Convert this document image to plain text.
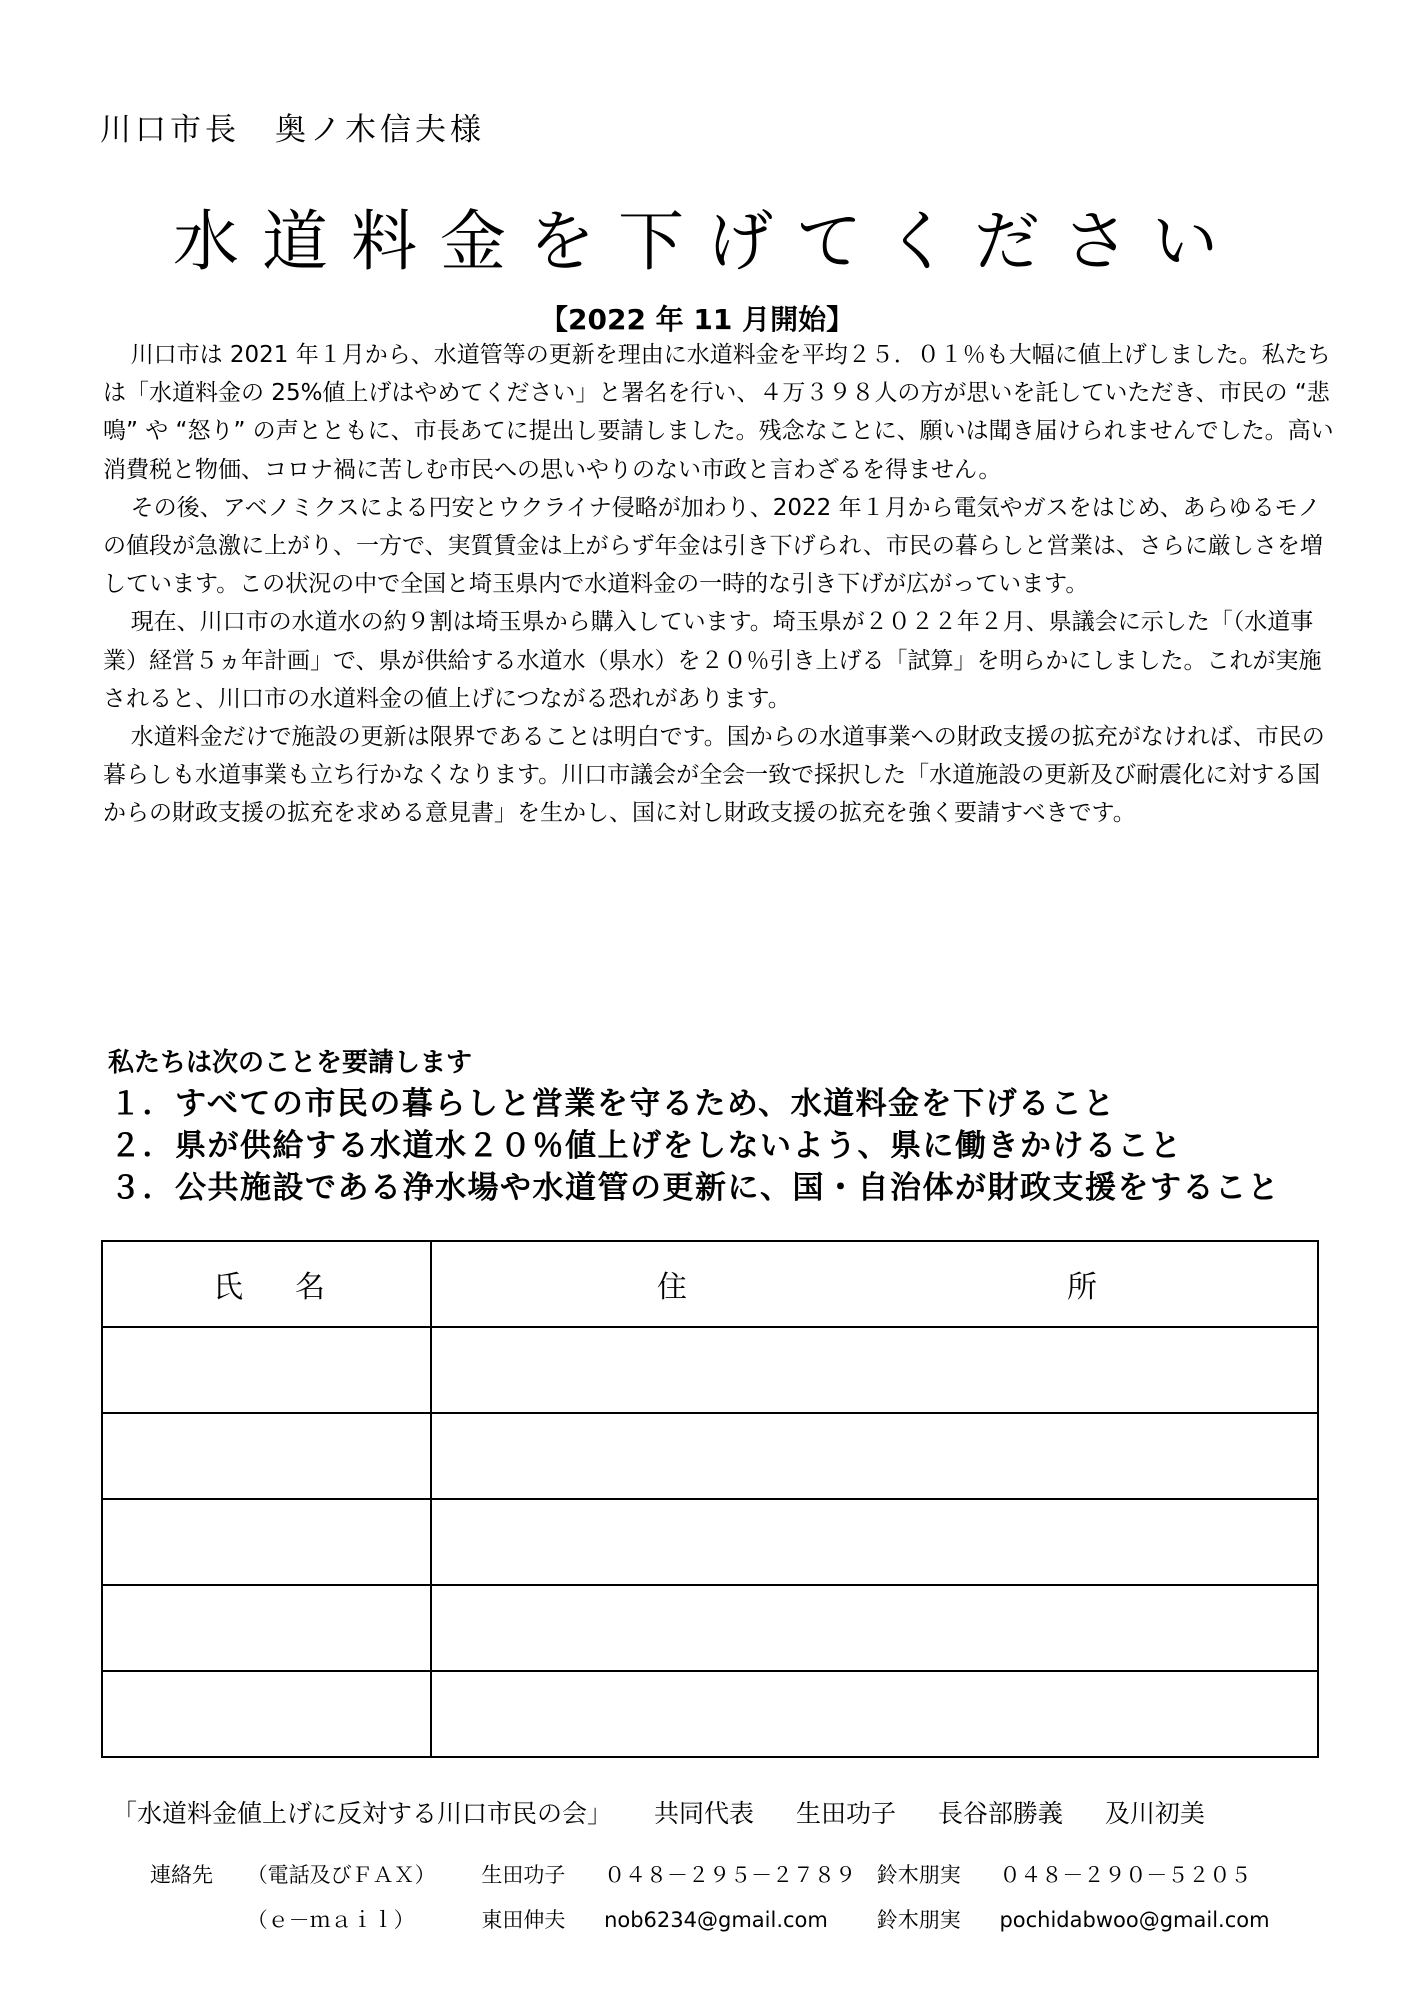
川口市長　奥ノ木信夫様
水道料金を下げてください
【2022 年 11 月開始】

川口市は 2021 年１月から、水道管等の更新を理由に水道料金を平均２５．０１％も大幅に値上げしました。私たちは「水道料金の 25%値上げはやめてください」と署名を行い、４万３９８人の方が思いを託していただき、市民の “悲鳴” や “怒り” の声とともに、市長あてに提出し要請しました。残念なことに、願いは聞き届けられませんでした。高い消費税と物価、コロナ禍に苦しむ市民への思いやりのない市政と言わざるを得ません。

その後、アベノミクスによる円安とウクライナ侵略が加わり、2022 年１月から電気やガスをはじめ、あらゆるモノの値段が急激に上がり、一方で、実質賃金は上がらず年金は引き下げられ、市民の暮らしと営業は、さらに厳しさを増しています。この状況の中で全国と埼玉県内で水道料金の一時的な引き下げが広がっています。

現在、川口市の水道水の約９割は埼玉県から購入しています。埼玉県が２０２２年２月、県議会に示した「（水道事業）経営５ヵ年計画」で、県が供給する水道水（県水）を２０％引き上げる「試算」を明らかにしました。これが実施されると、川口市の水道料金の値上げにつながる恐れがあります。

水道料金だけで施設の更新は限界であることは明白です。国からの水道事業への財政支援の拡充がなければ、市民の暮らしも水道事業も立ち行かなくなります。川口市議会が全会一致で採択した「水道施設の更新及び耐震化に対する国からの財政支援の拡充を求める意見書」を生かし、国に対し財政支援の拡充を強く要請すべきです。

私たちは次のことを要請します
１．すべての市民の暮らしと営業を守るため、水道料金を下げること
２．県が供給する水道水２０％値上げをしないよう、県に働きかけること
３．公共施設である浄水場や水道管の更新に、国・自治体が財政支援をすること
氏 名	住 所

「水道料金値上げに反対する川口市民の会」 共同代表 生田功子 長谷部勝義 及川初美
連絡先 （電話及びＦＡＸ） 生田功子 ０４８－２９５－２７８９ 鈴木朋実 ０４８－２９０－５２０５
（ｅ－ｍａｉｌ）	東田伸夫 nob6234@gmail.com 鈴木朋実 pochidabwoo@gmail.com
